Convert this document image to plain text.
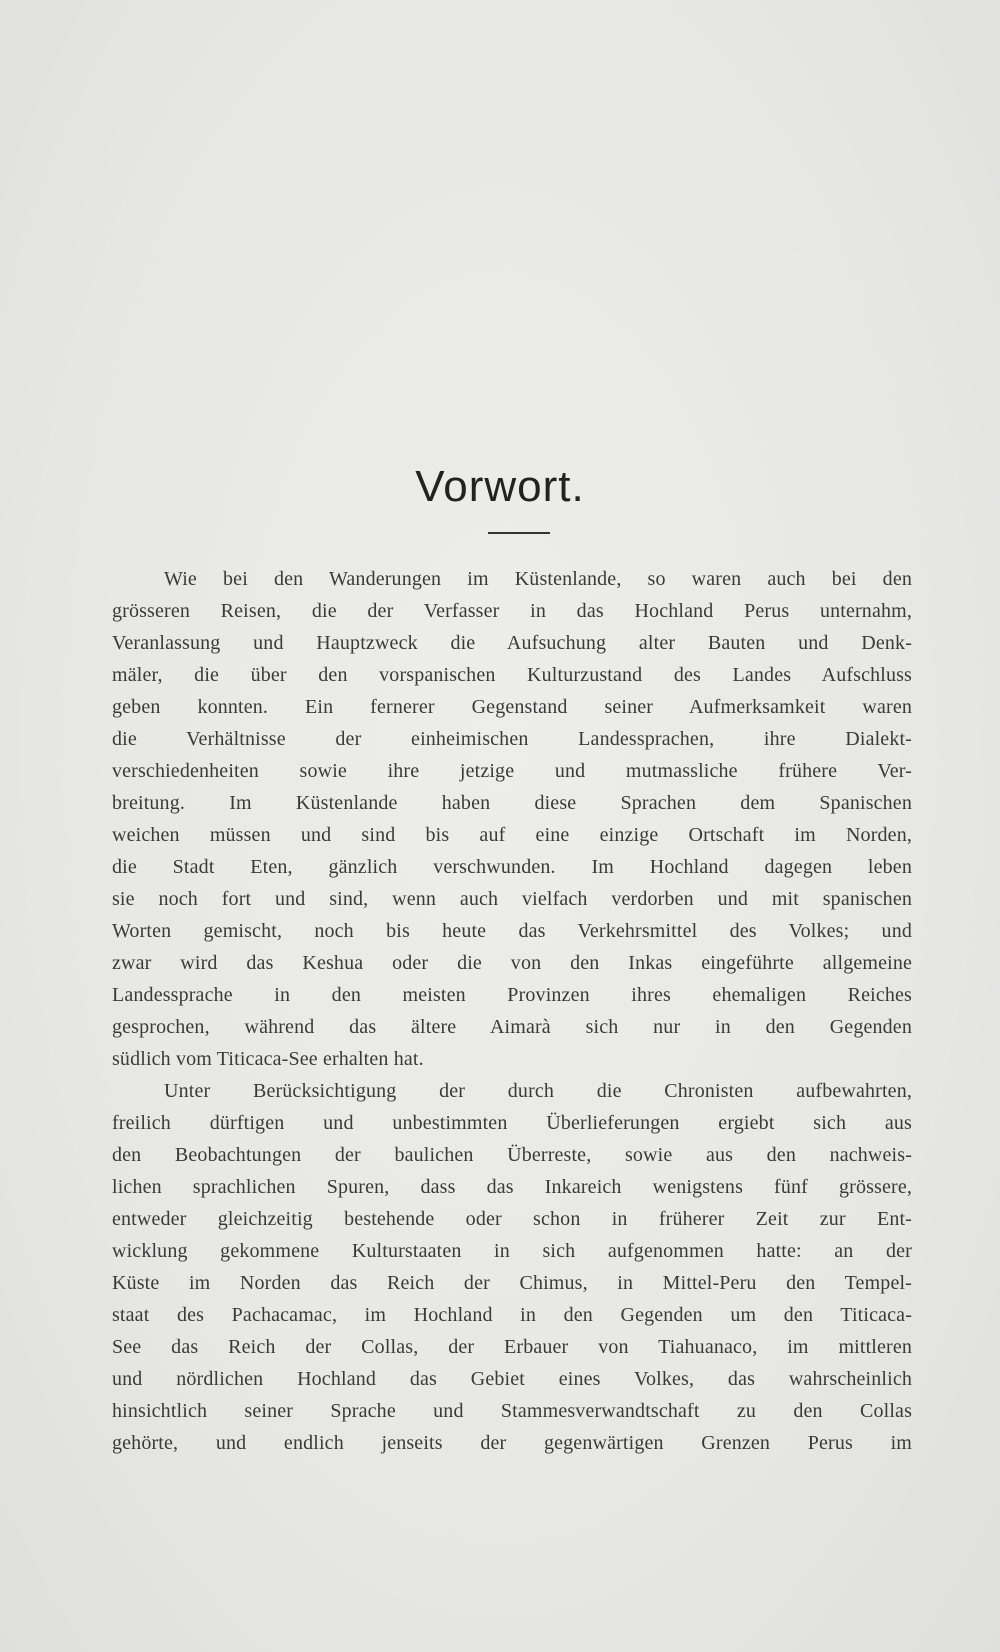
Vorwort.
Wie bei den Wanderungen im Küstenlande, so waren auch bei den
grösseren Reisen, die der Verfasser in das Hochland Perus unternahm,
Veranlassung und Hauptzweck die Aufsuchung alter Bauten und Denk-
mäler, die über den vorspanischen Kulturzustand des Landes Aufschluss
geben konnten. Ein fernerer Gegenstand seiner Aufmerksamkeit waren
die Verhältnisse der einheimischen Landessprachen, ihre Dialekt-
verschiedenheiten sowie ihre jetzige und mutmassliche frühere Ver-
breitung. Im Küstenlande haben diese Sprachen dem Spanischen
weichen müssen und sind bis auf eine einzige Ortschaft im Norden,
die Stadt Eten, gänzlich verschwunden. Im Hochland dagegen leben
sie noch fort und sind, wenn auch vielfach verdorben und mit spanischen
Worten gemischt, noch bis heute das Verkehrsmittel des Volkes; und
zwar wird das Keshua oder die von den Inkas eingeführte allgemeine
Landessprache in den meisten Provinzen ihres ehemaligen Reiches
gesprochen, während das ältere Aimarà sich nur in den Gegenden
südlich vom Titicaca-See erhalten hat.
Unter Berücksichtigung der durch die Chronisten aufbewahrten,
freilich dürftigen und unbestimmten Überlieferungen ergiebt sich aus
den Beobachtungen der baulichen Überreste, sowie aus den nachweis-
lichen sprachlichen Spuren, dass das Inkareich wenigstens fünf grössere,
entweder gleichzeitig bestehende oder schon in früherer Zeit zur Ent-
wicklung gekommene Kulturstaaten in sich aufgenommen hatte: an der
Küste im Norden das Reich der Chimus, in Mittel-Peru den Tempel-
staat des Pachacamac, im Hochland in den Gegenden um den Titicaca-
See das Reich der Collas, der Erbauer von Tiahuanaco, im mittleren
und nördlichen Hochland das Gebiet eines Volkes, das wahrscheinlich
hinsichtlich seiner Sprache und Stammesverwandtschaft zu den Collas
gehörte, und endlich jenseits der gegenwärtigen Grenzen Perus im
